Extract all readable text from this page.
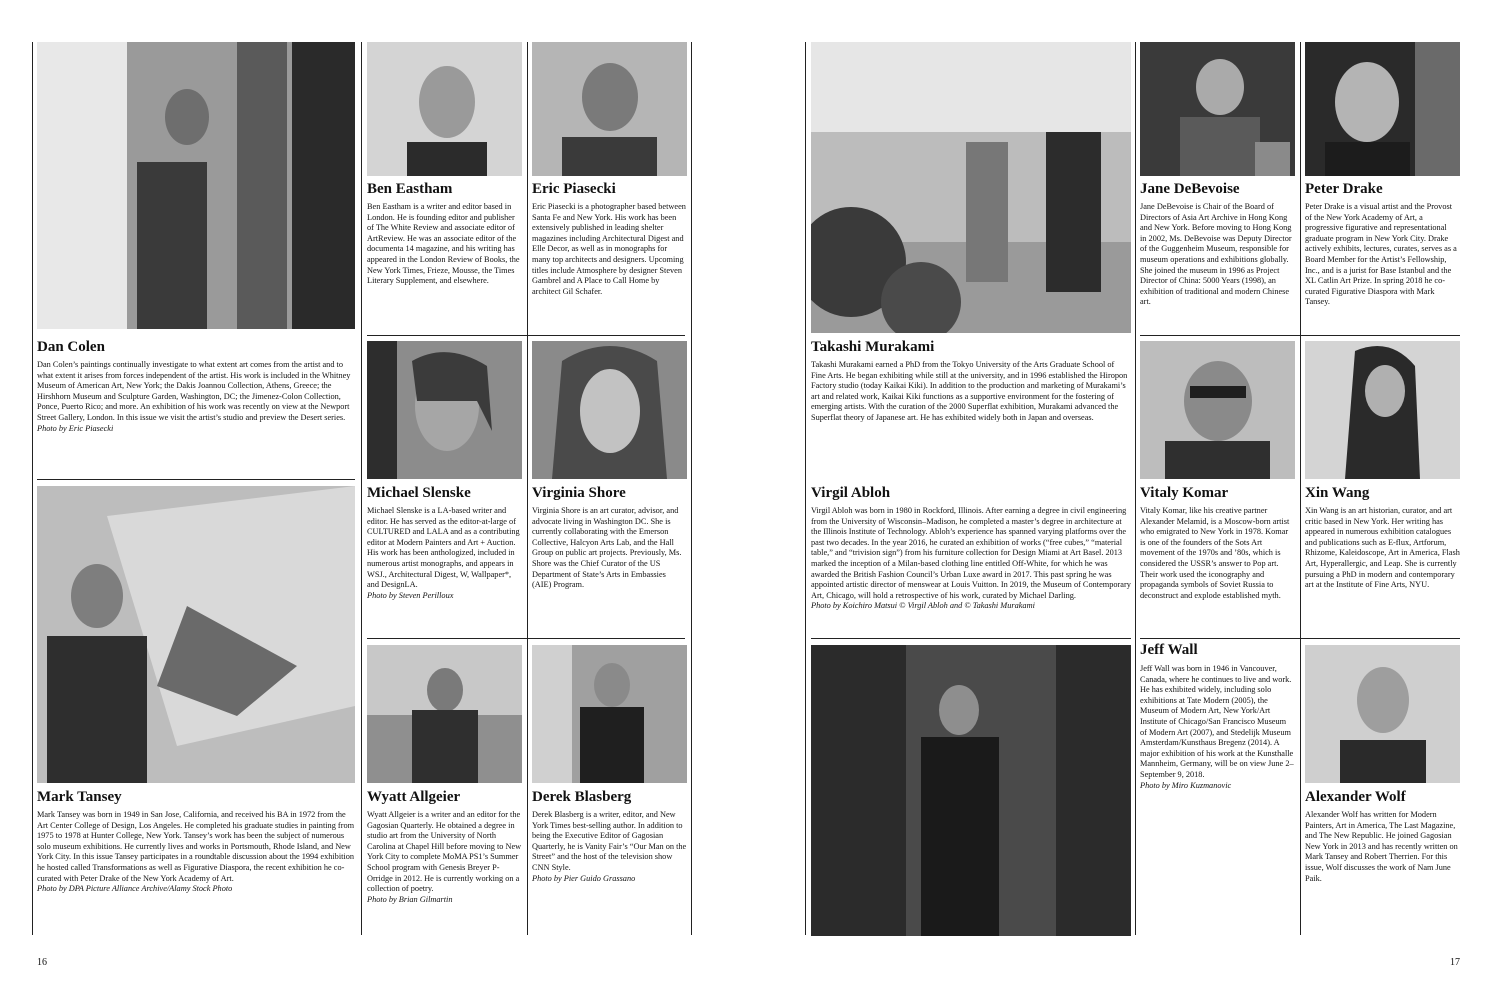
Dan Colen
Dan Colen’s paintings continually investigate to what extent art comes from the artist and to what extent it arises from forces independent of the artist. His work is included in the Whitney Museum of American Art, New York; the Dakis Joannou Collection, Athens, Greece; the Hirshhorn Museum and Sculpture Garden, Washington, DC; the Jimenez-Colon Collection, Ponce, Puerto Rico; and more. An exhibition of his work was recently on view at the Newport Street Gallery, London. In this issue we visit the artist’s studio and preview the Desert series.
Photo by Eric Piasecki
Ben Eastham
Ben Eastham is a writer and editor based in London. He is founding editor and publisher of The White Review and associate editor of ArtReview. He was an associate editor of the documenta 14 magazine, and his writing has appeared in the London Review of Books, the New York Times, Frieze, Mousse, the Times Literary Supplement, and elsewhere.
Eric Piasecki
Eric Piasecki is a photographer based between Santa Fe and New York. His work has been extensively published in leading shelter magazines including Architectural Digest and Elle Decor, as well as in monographs for many top architects and designers. Upcoming titles include Atmosphere by designer Steven Gambrel and A Place to Call Home by architect Gil Schafer.
Michael Slenske
Michael Slenske is a LA-based writer and editor. He has served as the editor-at-large of CULTURED and LALA and as a contributing editor at Modern Painters and Art + Auction. His work has been anthologized, included in numerous artist monographs, and appears in WSJ., Architectural Digest, W, Wallpaper*, and DesignLA.
Photo by Steven Perilloux
Virginia Shore
Virginia Shore is an art curator, advisor, and advocate living in Washington DC. She is currently collaborating with the Emerson Collective, Halcyon Arts Lab, and the Hall Group on public art projects. Previously, Ms. Shore was the Chief Curator of the US Department of State’s Arts in Embassies (AIE) Program.
Mark Tansey
Mark Tansey was born in 1949 in San Jose, California, and received his BA in 1972 from the Art Center College of Design, Los Angeles. He completed his graduate studies in painting from 1975 to 1978 at Hunter College, New York. Tansey’s work has been the subject of numerous solo museum exhibitions. He currently lives and works in Portsmouth, Rhode Island, and New York City. In this issue Tansey participates in a roundtable discussion about the 1994 exhibition he hosted called Transformations as well as Figurative Diaspora, the recent exhibition he co-curated with Peter Drake of the New York Academy of Art.
Photo by DPA Picture Alliance Archive/Alamy Stock Photo
Wyatt Allgeier
Wyatt Allgeier is a writer and an editor for the Gagosian Quarterly. He obtained a degree in studio art from the University of North Carolina at Chapel Hill before moving to New York City to complete MoMA PS1’s Summer School program with Genesis Breyer P-Orridge in 2012. He is currently working on a collection of poetry.
Photo by Brian Gilmartin
Derek Blasberg
Derek Blasberg is a writer, editor, and New York Times best-selling author. In addition to being the Executive Editor of Gagosian Quarterly, he is Vanity Fair’s “Our Man on the Street” and the host of the television show CNN Style.
Photo by Pier Guido Grassano
Takashi Murakami
Takashi Murakami earned a PhD from the Tokyo University of the Arts Graduate School of Fine Arts. He began exhibiting while still at the university, and in 1996 established the Hiropon Factory studio (today Kaikai Kiki). In addition to the production and marketing of Murakami’s art and related work, Kaikai Kiki functions as a supportive environment for the fostering of emerging artists. With the curation of the 2000 Superflat exhibition, Murakami advanced the Superflat theory of Japanese art. He has exhibited widely both in Japan and overseas.
Jane DeBevoise
Jane DeBevoise is Chair of the Board of Directors of Asia Art Archive in Hong Kong and New York. Before moving to Hong Kong in 2002, Ms. DeBevoise was Deputy Director of the Guggenheim Museum, responsible for museum operations and exhibitions globally. She joined the museum in 1996 as Project Director of China: 5000 Years (1998), an exhibition of traditional and modern Chinese art.
Peter Drake
Peter Drake is a visual artist and the Provost of the New York Academy of Art, a progressive figurative and representational graduate program in New York City. Drake actively exhibits, lectures, curates, serves as a Board Member for the Artist’s Fellowship, Inc., and is a jurist for Base Istanbul and the XL Catlin Art Prize. In spring 2018 he co-curated Figurative Diaspora with Mark Tansey.
Virgil Abloh
Virgil Abloh was born in 1980 in Rockford, Illinois. After earning a degree in civil engineering from the University of Wisconsin–Madison, he completed a master’s degree in architecture at the Illinois Institute of Technology. Abloh’s experience has spanned varying platforms over the past two decades. In the year 2016, he curated an exhibition of works (“free cubes,” “material table,” and “trivision sign”) from his furniture collection for Design Miami at Art Basel. 2013 marked the inception of a Milan-based clothing line entitled Off-White, for which he was awarded the British Fashion Council’s Urban Luxe award in 2017. This past spring he was appointed artistic director of menswear at Louis Vuitton. In 2019, the Museum of Contemporary Art, Chicago, will hold a retrospective of his work, curated by Michael Darling.
Photo by Koichiro Matsui © Virgil Abloh and © Takashi Murakami
Vitaly Komar
Vitaly Komar, like his creative partner Alexander Melamid, is a Moscow-born artist who emigrated to New York in 1978. Komar is one of the founders of the Sots Art movement of the 1970s and ’80s, which is considered the USSR’s answer to Pop art. Their work used the iconography and propaganda symbols of Soviet Russia to deconstruct and explode established myth.
Xin Wang
Xin Wang is an art historian, curator, and art critic based in New York. Her writing has appeared in numerous exhibition catalogues and publications such as E-flux, Artforum, Rhizome, Kaleidoscope, Art in America, Flash Art, Hyperallergic, and Leap. She is currently pursuing a PhD in modern and contemporary art at the Institute of Fine Arts, NYU.
Jeff Wall
Jeff Wall was born in 1946 in Vancouver, Canada, where he continues to live and work. He has exhibited widely, including solo exhibitions at Tate Modern (2005), the Museum of Modern Art, New York/Art Institute of Chicago/San Francisco Museum of Modern Art (2007), and Stedelijk Museum Amsterdam/Kunsthaus Bregenz (2014). A major exhibition of his work at the Kunsthalle Mannheim, Germany, will be on view June 2–September 9, 2018.
Photo by Miro Kuzmanovic
Alexander Wolf
Alexander Wolf has written for Modern Painters, Art in America, The Last Magazine, and The New Republic. He joined Gagosian New York in 2013 and has recently written on Mark Tansey and Robert Therrien. For this issue, Wolf discusses the work of Nam June Paik.
16	17
